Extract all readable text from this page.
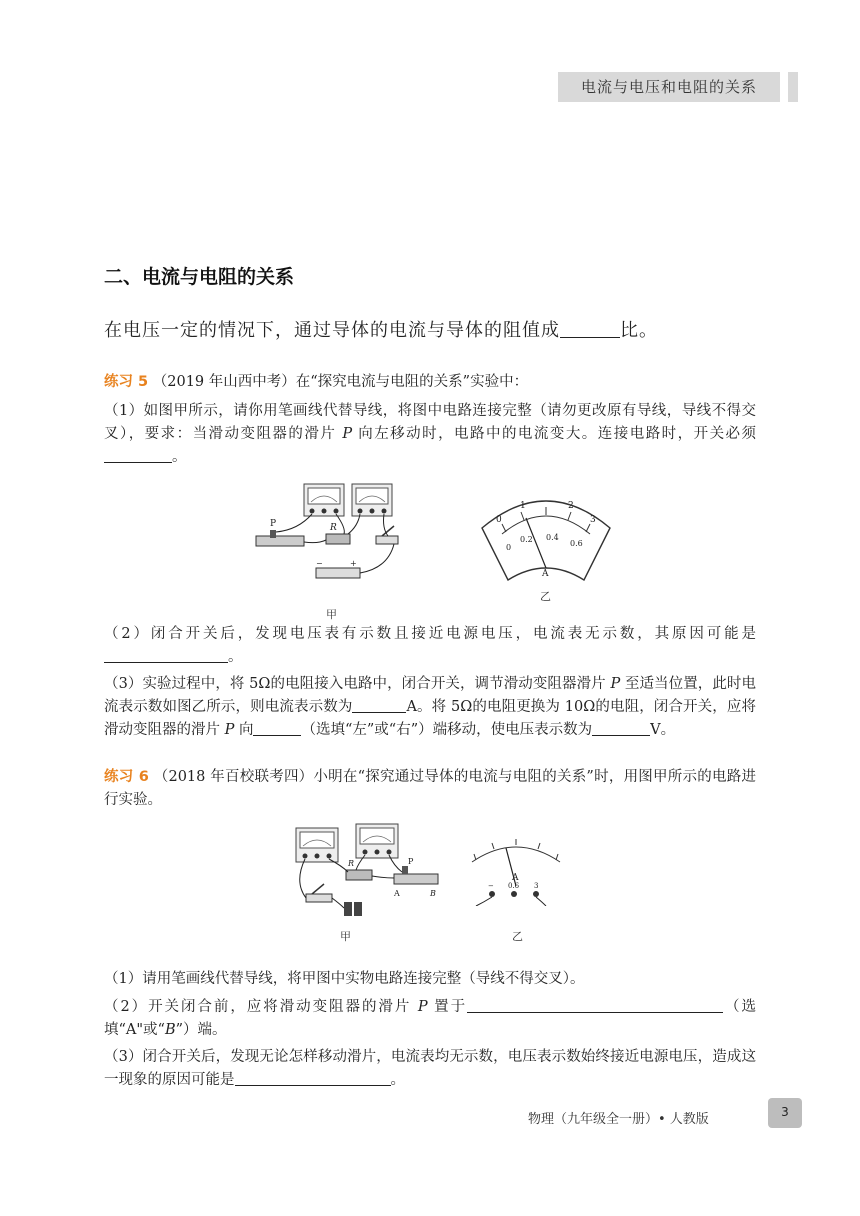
电流与电压和电阻的关系
二、电流与电阻的关系
在电压一定的情况下，通过导体的电流与导体的阻值成	比。
练习 5 （2019 年山西中考）在“探究电流与电阻的关系”实验中：
（1）如图甲所示，请你用笔画线代替导线，将图中电路连接完整（请勿更改原有导线，导线不得交叉），要求：当滑动变阻器的滑片 P 向左移动时，电路中的电流变大。连接电路时，开关必须。
P	R
−	+
甲
0
1	2
3
0
0.2 0.4
0.6
A
乙
（2）闭合开关后，发现电压表有示数且接近电源电压，电流表无示数，其原因可能是。
（3）实验过程中，将 5Ω的电阻接入电路中，闭合开关，调节滑动变阻器滑片 P 至适当位置，此时电流表示数如图乙所示，则电流表示数为	A。将 5Ω的电阻更换为 10Ω的电阻，闭合开关，应将滑动变阻器的滑片 P 向	（选填“左”或“右”）端移动，使电压表示数为	V。
练习 6 （2018 年百校联考四）小明在“探究通过导体的电流与电阻的关系”时，用图甲所示的电路进行实验。
R	P
A	B
甲
A
− 0.6 3
乙
（1）请用笔画线代替导线，将甲图中实物电路连接完整（导线不得交叉）。
（2）开关闭合前，应将滑动变阻器的滑片 P 置于	（选填“A"或“B”）端。
（3）闭合开关后，发现无论怎样移动滑片，电流表均无示数，电压表示数始终接近电源电压，造成这一现象的原因可能是	。
物理（九年级全一册）• 人教版	3
